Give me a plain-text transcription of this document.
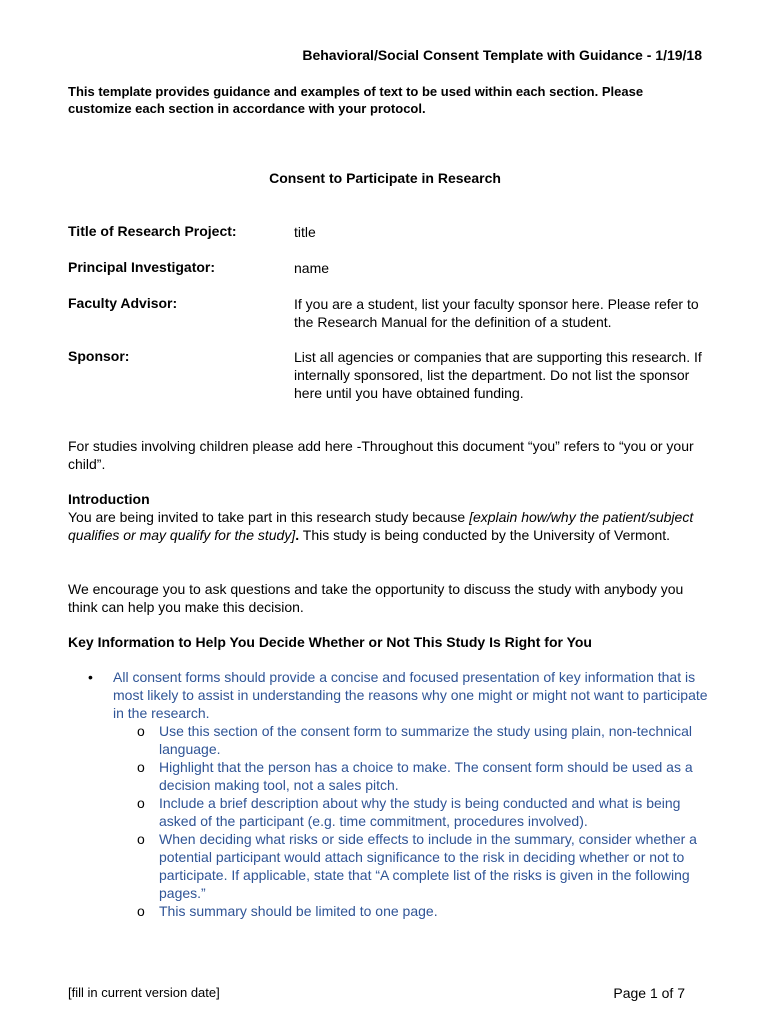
Behavioral/Social Consent Template with Guidance - 1/19/18
This template provides guidance and examples of text to be used within each section. Please customize each section in accordance with your protocol.
Consent to Participate in Research
Title of Research Project:	title
Principal Investigator:	name
Faculty Advisor:	If you are a student, list your faculty sponsor here. Please refer to the Research Manual for the definition of a student.
Sponsor:	List all agencies or companies that are supporting this research. If internally sponsored, list the department. Do not list the sponsor here until you have obtained funding.
For studies involving children please add here -Throughout this document “you” refers to “you or your child”.
Introduction
You are being invited to take part in this research study because [explain how/why the patient/subject qualifies or may qualify for the study]. This study is being conducted by the University of Vermont.
We encourage you to ask questions and take the opportunity to discuss the study with anybody you think can help you make this decision.
Key Information to Help You Decide Whether or Not This Study Is Right for You
• All consent forms should provide a concise and focused presentation of key information that is most likely to assist in understanding the reasons why one might or might not want to participate in the research.
o Use this section of the consent form to summarize the study using plain, non-technical language.
o Highlight that the person has a choice to make. The consent form should be used as a decision making tool, not a sales pitch.
o Include a brief description about why the study is being conducted and what is being asked of the participant (e.g. time commitment, procedures involved).
o When deciding what risks or side effects to include in the summary, consider whether a potential participant would attach significance to the risk in deciding whether or not to participate. If applicable, state that “A complete list of the risks is given in the following pages.”
o This summary should be limited to one page.
[fill in current version date]	Page 1 of 7
